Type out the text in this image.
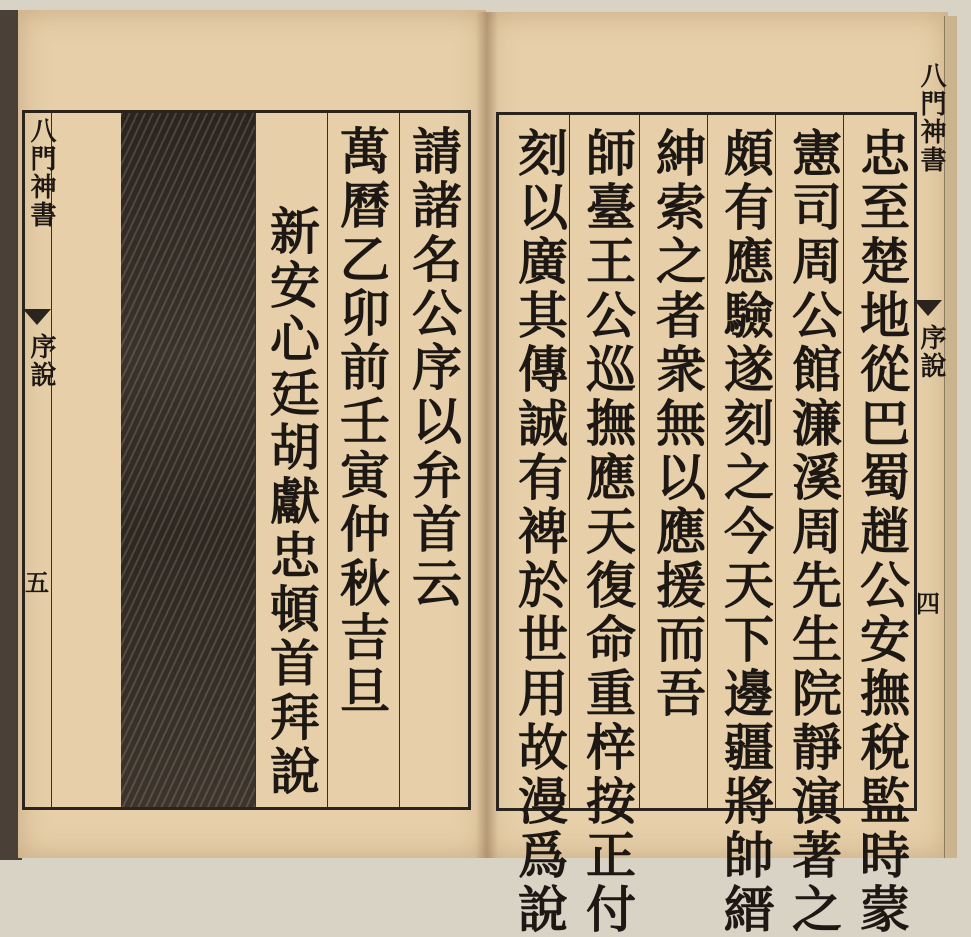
八門神書
序說
五	請諸名公序以弁首云
萬曆乙卯前壬寅仲秋吉旦
新安心廷胡獻忠頓首拜說	忠至楚地從巴蜀趙公安撫稅監時蒙
憲司周公館濂溪周先生院靜演著之
頗有應驗遂刻之今天下邊疆將帥縉
紳索之者衆無以應援而吾
師臺王公巡撫應天復命重梓按正付
刻以廣其傳誠有裨於世用故漫爲說
八門神書
序說
四
